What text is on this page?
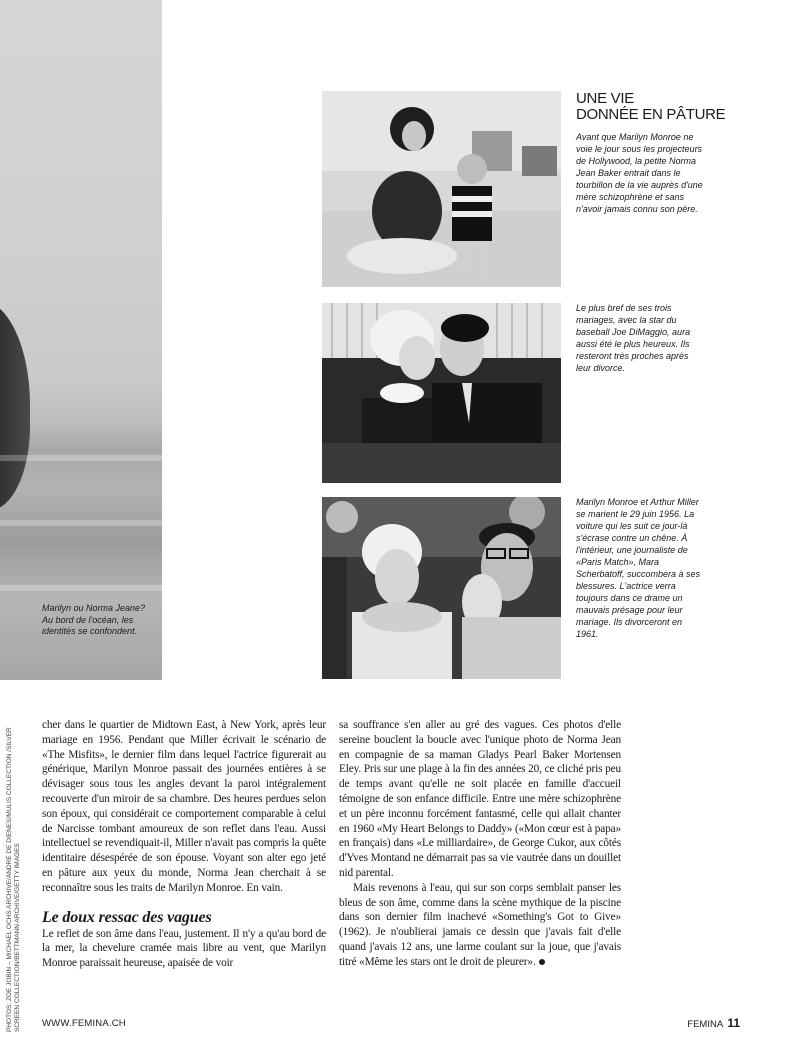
Marilyn ou Norma Jeane? Au bord de l'océan, les identités se confondent.

UNE VIE
DONNÉE EN PÂTURE

Avant que Marilyn Monroe ne voie le jour sous les projecteurs de Hollywood, la petite Norma Jean Baker entrait dans le tourbillon de la vie auprès d'une mère schizophrène et sans n'avoir jamais connu son père.

Le plus bref de ses trois mariages, avec la star du baseball Joe DiMaggio, aura aussi été le plus heureux. Ils resteront très proches après leur divorce.

Marilyn Monroe et Arthur Miller se marient le 29 juin 1956. La voiture qui les suit ce jour-là s'écrase contre un chêne. À l'intérieur, une journaliste de «Paris Match», Mara Scherbatoff, succombera à ses blessures. L'actrice verra toujours dans ce drame un mauvais présage pour leur mariage. Ils divorceront en 1961.

PHOTOS: ZOE JOBIN – MICHAEL OCHS ARCHIVE/ANDRE DE DIENES/MULIS COLLECTION /SILVER SCREEN COLLECTION/BETTMANN ARCHIVE/GETTY IMAGES

cher dans le quartier de Midtown East, à New York, après leur mariage en 1956. Pendant que Miller écrivait le scénario de «The Misfits», le dernier film dans lequel l'actrice figurerait au générique, Marilyn Monroe passait des journées entières à se dévisager sous tous les angles devant la paroi intégralement recouverte d'un miroir de sa chambre. Des heures perdues selon son époux, qui considérait ce comportement comparable à celui de Narcisse tombant amoureux de son reflet dans l'eau. Aussi intellectuel se revendiquait-il, Miller n'avait pas compris la quête identitaire désespérée de son épouse. Voyant son alter ego jeté en pâture aux yeux du monde, Norma Jean cherchait à se reconnaître sous les traits de Marilyn Monroe. En vain.

Le doux ressac des vagues

Le reflet de son âme dans l'eau, justement. Il n'y a qu'au bord de la mer, la chevelure cramée mais libre au vent, que Marilyn Monroe paraissait heureuse, apaisée de voir

sa souffrance s'en aller au gré des vagues. Ces photos d'elle sereine bouclent la boucle avec l'unique photo de Norma Jean en compagnie de sa maman Gladys Pearl Baker Mortensen Eley. Pris sur une plage à la fin des années 20, ce cliché pris peu de temps avant qu'elle ne soit placée en famille d'accueil témoigne de son enfance difficile. Entre une mère schizophrène et un père inconnu forcément fantasmé, celle qui allait chanter en 1960 «My Heart Belongs to Daddy» («Mon cœur est à papa» en français) dans «Le milliardaire», de George Cukor, aux côtés d'Yves Montand ne démarrait pas sa vie vautrée dans un douillet nid parental.

Mais revenons à l'eau, qui sur son corps semblait panser les bleus de son âme, comme dans la scène mythique de la piscine dans son dernier film inachevé «Something's Got to Give» (1962). Je n'oublierai jamais ce dessin que j'avais fait d'elle quand j'avais 12 ans, une larme coulant sur la joue, que j'avais titré «Même les stars ont le droit de pleurer».

WWW.FEMINA.CH	FEMINA 11
